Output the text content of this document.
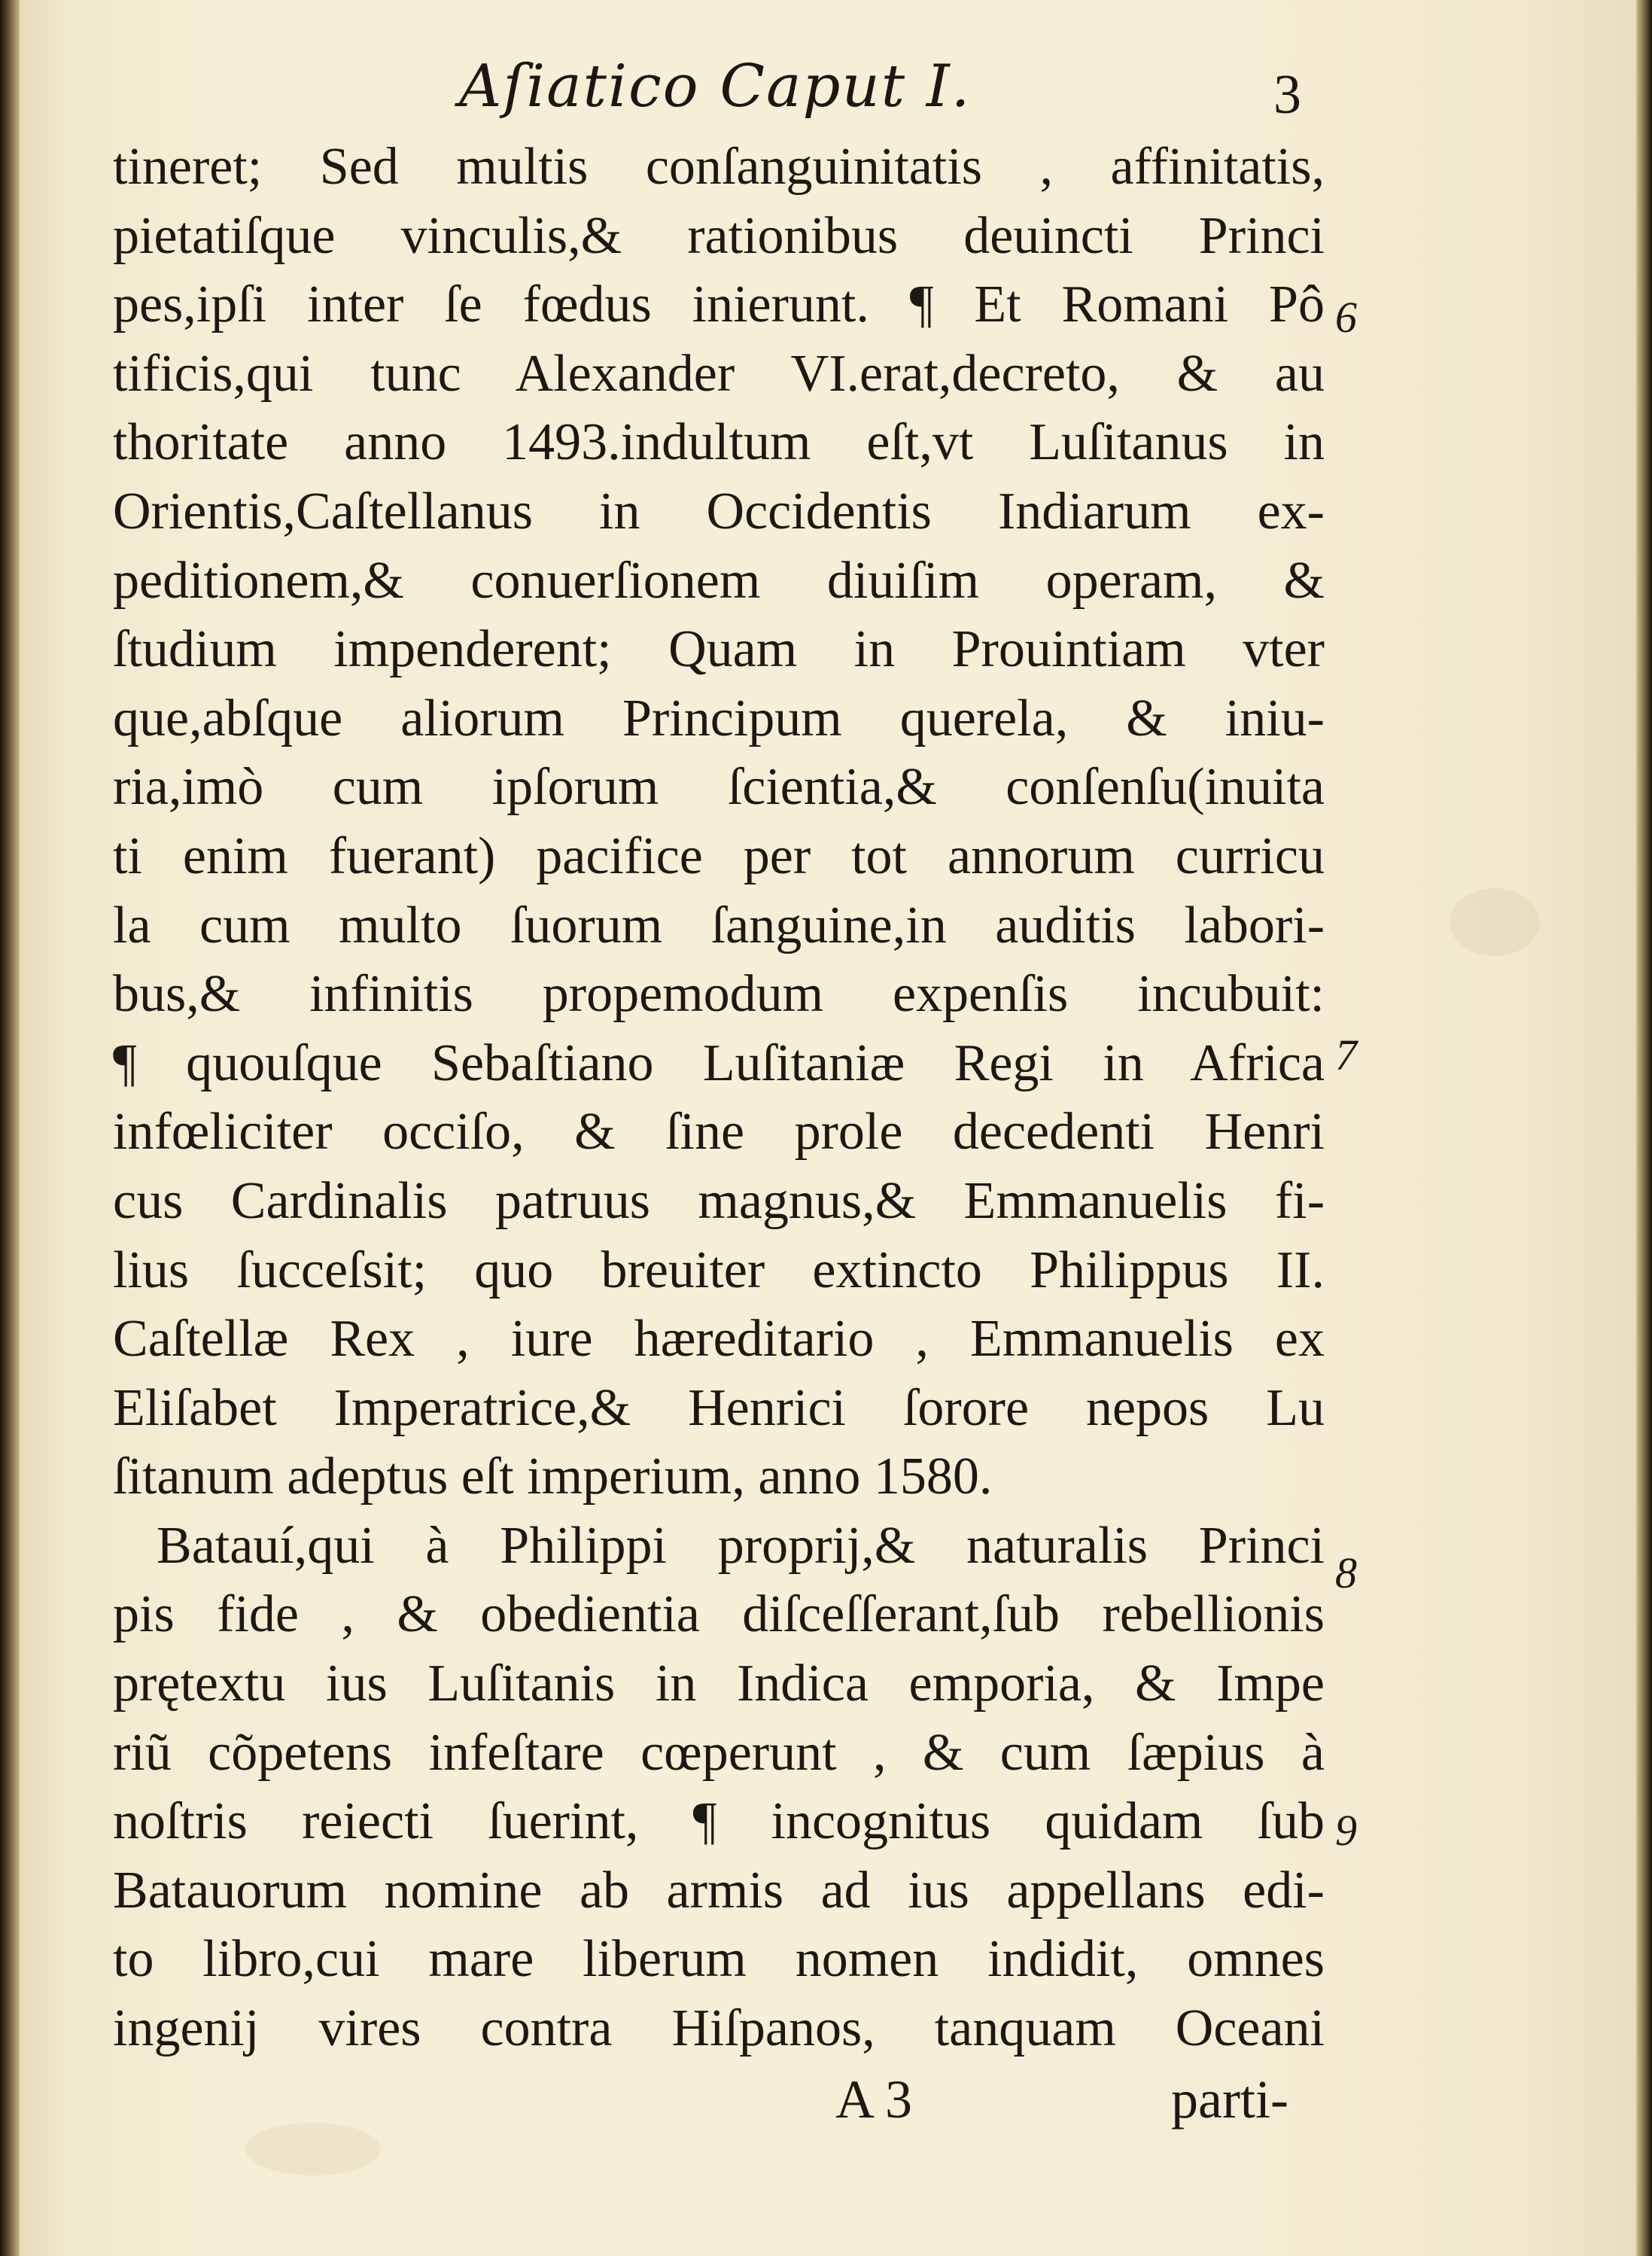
Aſiatico Caput I.	3
tineret; Sed multis conſanguinitatis , affinitatis,
pietatiſque vinculis,& rationibus deuincti Princi
pes,ipſi inter ſe fœdus inierunt. ¶ Et Romani Pô
tificis,qui tunc Alexander VI.erat,decreto, & au
thoritate anno 1493.indultum eſt,vt Luſitanus in
Orientis,Caſtellanus in Occidentis Indiarum ex-
peditionem,& conuerſionem diuiſim operam, &
ſtudium impenderent; Quam in Prouintiam vter
que,abſque aliorum Principum querela, & iniu-
ria,imò cum ipſorum ſcientia,& conſenſu(inuita
ti enim fuerant) pacifice per tot annorum curricu
la cum multo ſuorum ſanguine,in auditis labori-
bus,& infinitis propemodum expenſis incubuit:
¶ quouſque Sebaſtiano Luſitaniæ Regi in Africa
infœliciter occiſo, & ſine prole decedenti Henri
cus Cardinalis patruus magnus,& Emmanuelis fi-
lius ſucceſsit; quo breuiter extincto Philippus II.
Caſtellæ Rex , iure hæreditario , Emmanuelis ex
Eliſabet Imperatrice,& Henrici ſorore nepos Lu
ſitanum adeptus eſt imperium, anno 1580.
Batauí,qui à Philippi proprij,& naturalis Princi
pis fide , & obedientia diſceſſerant,ſub rebellionis
prętextu ius Luſitanis in Indica emporia, & Impe
riũ cõpetens infeſtare cœperunt , & cum ſæpius à
noſtris reiecti ſuerint, ¶ incognitus quidam ſub
Batauorum nomine ab armis ad ius appellans edi-
to libro,cui mare liberum nomen indidit, omnes
ingenij vires contra Hiſpanos, tanquam Oceani
6
7
8
9
A 3	parti-
